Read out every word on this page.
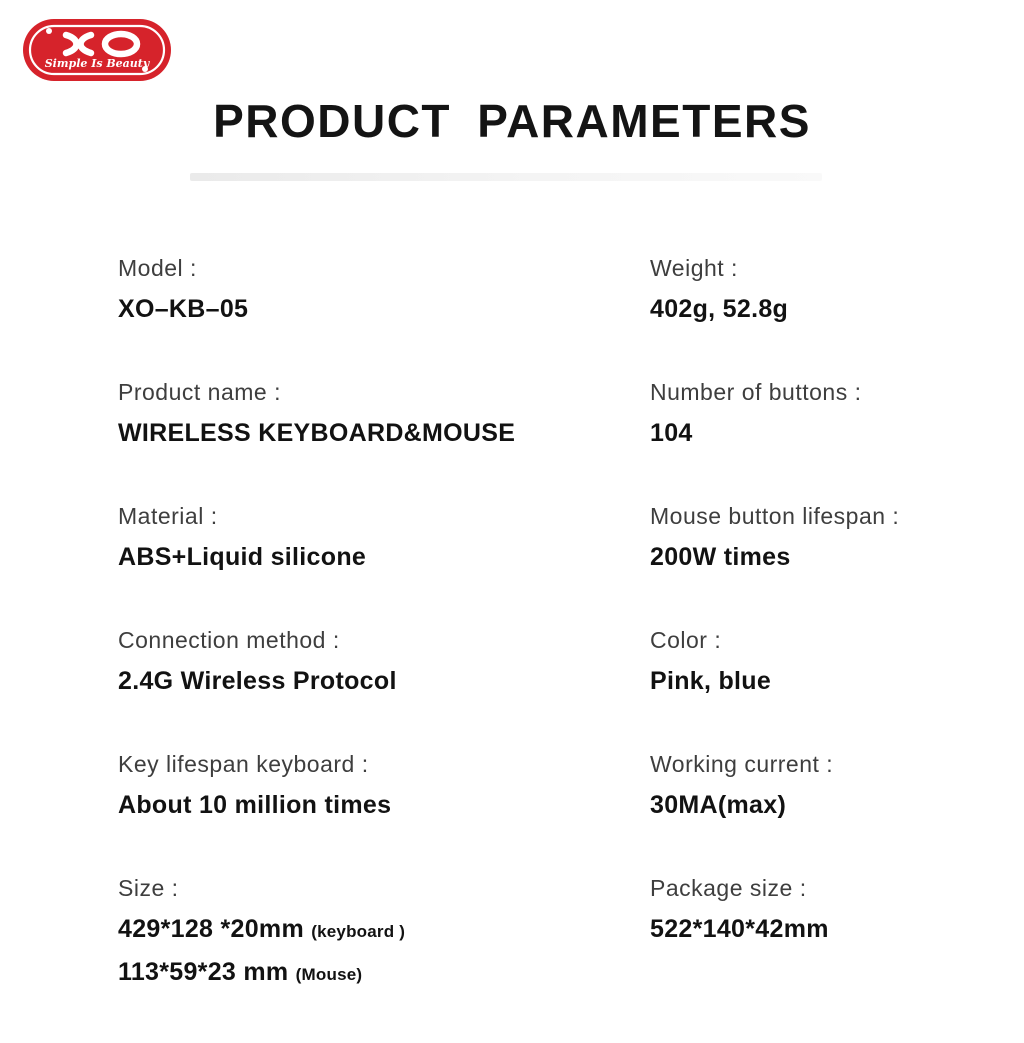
Simple Is Beauty
PRODUCT PARAMETERS
Model :
XO–KB–05
Product name :
WIRELESS KEYBOARD&MOUSE
Material :
ABS+Liquid silicone
Connection method :
2.4G Wireless Protocol
Key lifespan keyboard :
About 10 million times
Size :
429*128 *20mm (keyboard )
113*59*23 mm (Mouse)
Weight :
402g, 52.8g
Number of buttons :
104
Mouse button lifespan :
200W times
Color :
Pink, blue
Working current :
30MA(max)
Package size :
522*140*42mm
